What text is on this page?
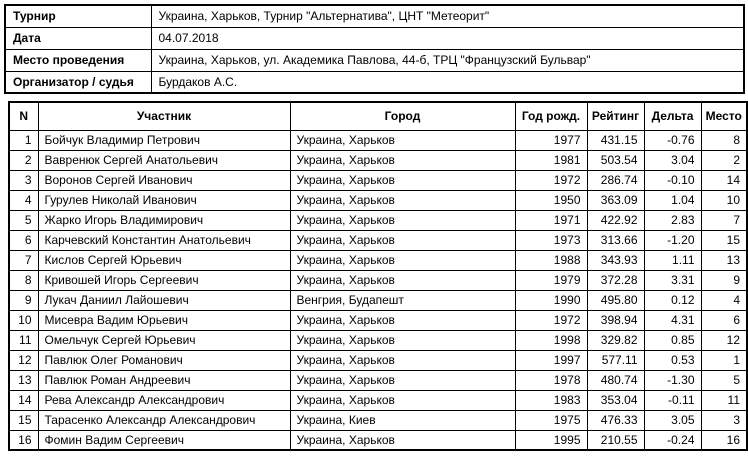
Турнир	Украина, Харьков, Турнир "Альтернатива", ЦНТ "Метеорит"
Дата	04.07.2018
Место проведения	Украина, Харьков, ул. Академика Павлова, 44-б, ТРЦ "Французский Бульвар"
Организатор / судья	Бурдаков А.С.
N	Участник	Город	Год рожд.	Рейтинг	Дельта	Место
1	Бойчук Владимир Петрович	Украина, Харьков	1977	431.15	-0.76	8
2	Вавренюк Сергей Анатольевич	Украина, Харьков	1981	503.54	3.04	2
3	Воронов Сергей Иванович	Украина, Харьков	1972	286.74	-0.10	14
4	Гурулев Николай Иванович	Украина, Харьков	1950	363.09	1.04	10
5	Жарко Игорь Владимирович	Украина, Харьков	1971	422.92	2.83	7
6	Карчевский Константин Анатольевич	Украина, Харьков	1973	313.66	-1.20	15
7	Кислов Сергей Юрьевич	Украина, Харьков	1988	343.93	1.11	13
8	Кривошей Игорь Сергеевич	Украина, Харьков	1979	372.28	3.31	9
9	Лукач Даниил Лайошевич	Венгрия, Будапешт	1990	495.80	0.12	4
10	Мисевра Вадим Юрьевич	Украина, Харьков	1972	398.94	4.31	6
11	Омельчук Сергей Юрьевич	Украина, Харьков	1998	329.82	0.85	12
12	Павлюк Олег Романович	Украина, Харьков	1997	577.11	0.53	1
13	Павлюк Роман Андреевич	Украина, Харьков	1978	480.74	-1.30	5
14	Рева Александр Александрович	Украина, Харьков	1983	353.04	-0.11	11
15	Тарасенко Александр Александрович	Украина, Киев	1975	476.33	3.05	3
16	Фомин Вадим Сергеевич	Украина, Харьков	1995	210.55	-0.24	16
